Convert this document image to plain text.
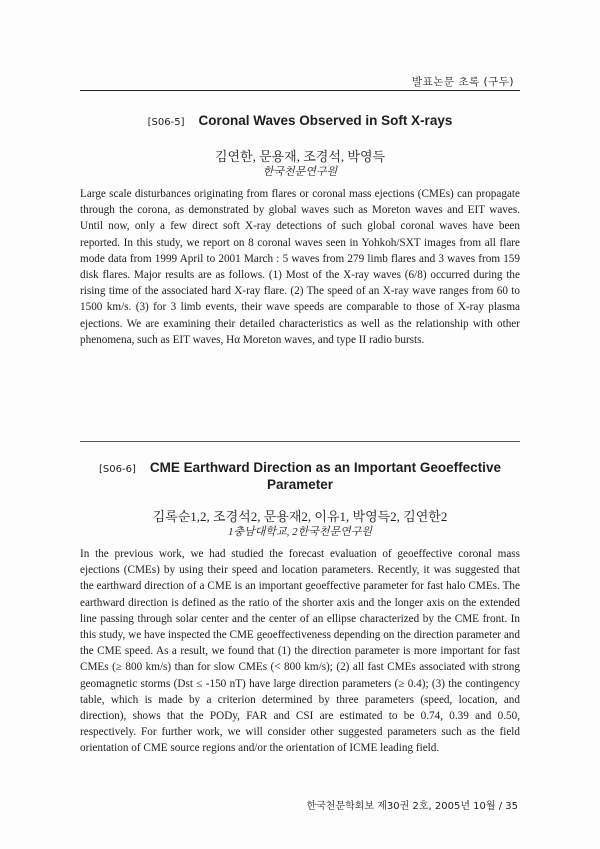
발표논문 초록 (구두)
[S06-5] Coronal Waves Observed in Soft X-rays
김연한, 문용재, 조경석, 박영득
한국천문연구원

Large scale disturbances originating from flares or coronal mass ejections (CMEs) can propagate through the corona, as demonstrated by global waves such as Moreton waves and EIT waves. Until now, only a few direct soft X-ray detections of such global coronal waves have been reported. In this study, we report on 8 coronal waves seen in Yohkoh/SXT images from all flare mode data from 1999 April to 2001 March : 5 waves from 279 limb flares and 3 waves from 159 disk flares. Major results are as follows. (1) Most of the X-ray waves (6/8) occurred during the rising time of the associated hard X-ray flare. (2) The speed of an X-ray wave ranges from 60 to 1500 km/s. (3) for 3 limb events, their wave speeds are comparable to those of X-ray plasma ejections. We are examining their detailed characteristics as well as the relationship with other phenomena, such as EIT waves, Hα Moreton waves, and type II radio bursts.

[S06-6] CME Earthward Direction as an Important Geoeffective
Parameter
김록순1,2, 조경석2, 문용재2, 이유1, 박영득2, 김연한2
1충남대학교, 2한국천문연구원

In the previous work, we had studied the forecast evaluation of geoeffective coronal mass ejections (CMEs) by using their speed and location parameters. Recently, it was suggested that the earthward direction of a CME is an important geoeffective parameter for fast halo CMEs. The earthward direction is defined as the ratio of the shorter axis and the longer axis on the extended line passing through solar center and the center of an ellipse characterized by the CME front. In this study, we have inspected the CME geoeffectiveness depending on the direction parameter and the CME speed. As a result, we found that (1) the direction parameter is more important for fast CMEs (≥ 800 km/s) than for slow CMEs (< 800 km/s); (2) all fast CMEs associated with strong geomagnetic storms (Dst ≤ -150 nT) have large direction parameters (≥ 0.4); (3) the contingency table, which is made by a criterion determined by three parameters (speed, location, and direction), shows that the PODy, FAR and CSI are estimated to be 0.74, 0.39 and 0.50, respectively. For further work, we will consider other suggested parameters such as the field orientation of CME source regions and/or the orientation of ICME leading field.

한국천문학회보 제30권 2호, 2005년 10월 / 35
